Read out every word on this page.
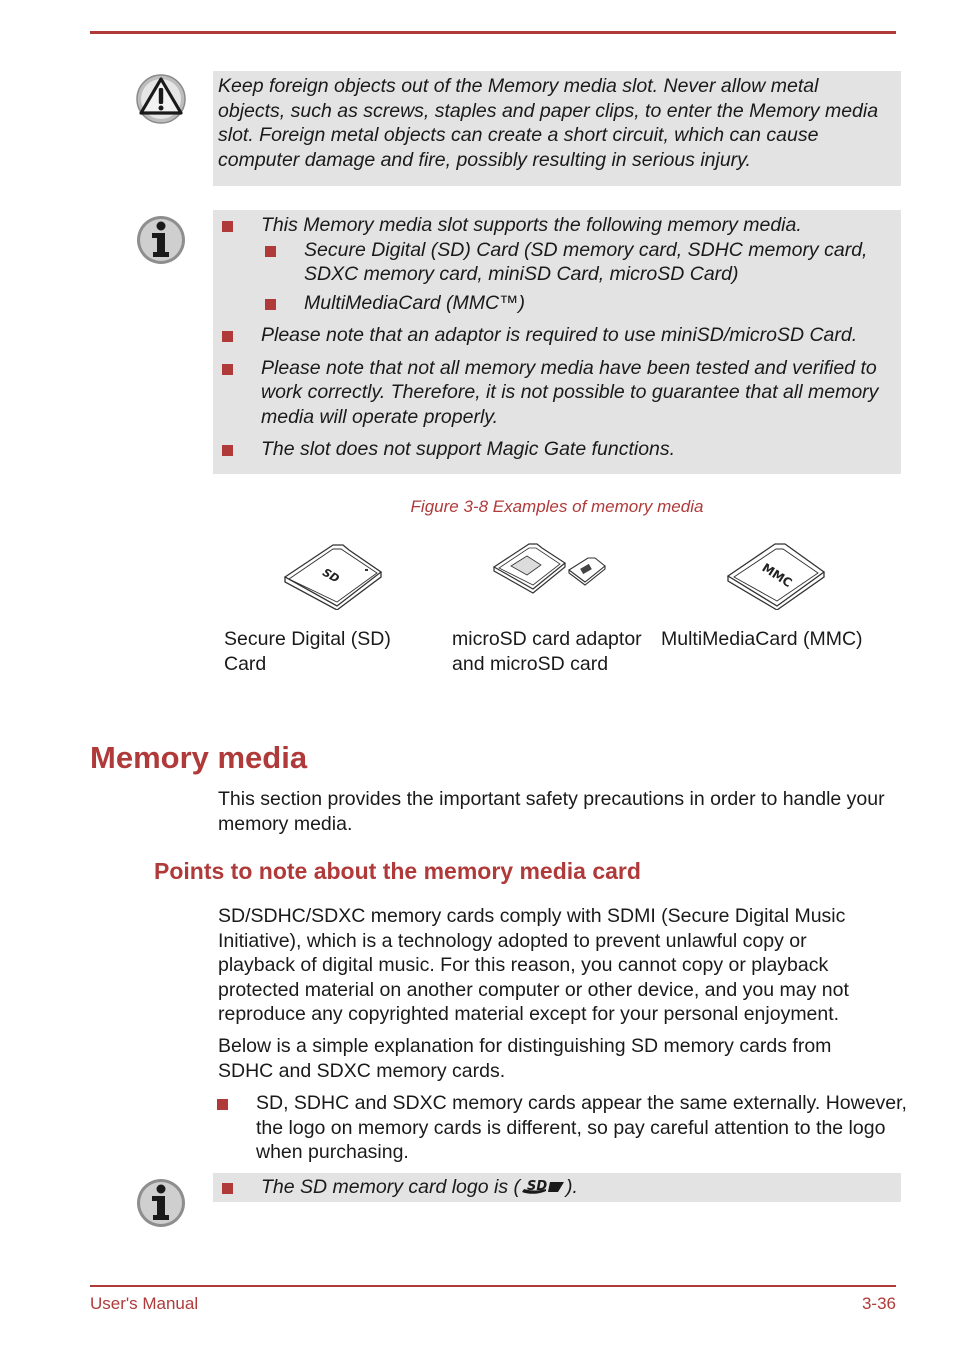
Keep foreign objects out of the Memory media slot. Never allow metal objects, such as screws, staples and paper clips, to enter the Memory media slot. Foreign metal objects can create a short circuit, which can cause computer damage and fire, possibly resulting in serious injury.
This Memory media slot supports the following memory media.
Secure Digital (SD) Card (SD memory card, SDHC memory card, SDXC memory card, miniSD Card, microSD Card)
MultiMediaCard (MMC™)
Please note that an adaptor is required to use miniSD/microSD Card.
Please note that not all memory media have been tested and verified to work correctly. Therefore, it is not possible to guarantee that all memory media will operate properly.
The slot does not support Magic Gate functions.
Figure 3-8 Examples of memory media
SD	MMC
Secure Digital (SD) Card
microSD card adaptor and microSD card
MultiMediaCard (MMC)
Memory media

This section provides the important safety precautions in order to handle your memory media.

Points to note about the memory media card

SD/SDHC/SDXC memory cards comply with SDMI (Secure Digital Music Initiative), which is a technology adopted to prevent unlawful copy or playback of digital music. For this reason, you cannot copy or playback protected material on another computer or other device, and you may not reproduce any copyrighted material except for your personal enjoyment.

Below is a simple explanation for distinguishing SD memory cards from SDHC and SDXC memory cards.

SD, SDHC and SDXC memory cards appear the same externally. However, the logo on memory cards is different, so pay careful attention to the logo when purchasing.
The SD memory card logo is ( SD ).
User's Manual	3-36
